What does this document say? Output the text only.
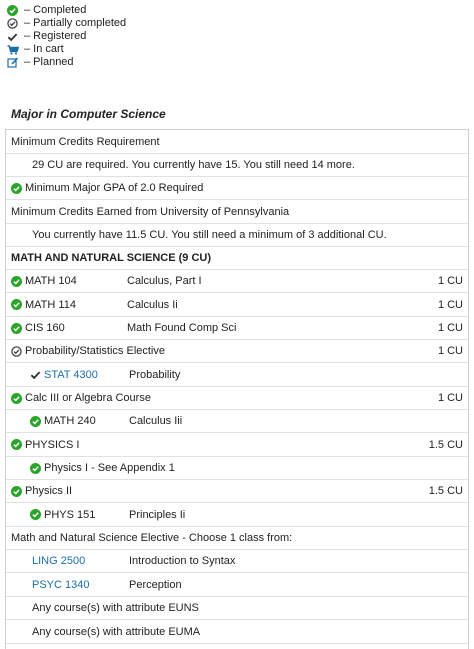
– Completed
– Partially completed
– Registered
– In cart
– Planned
Major in Computer Science
Minimum Credits Requirement
29 CU are required. You currently have 15. You still need 14 more.
Minimum Major GPA of 2.0 Required
Minimum Credits Earned from University of Pennsylvania
You currently have 11.5 CU. You still need a minimum of 3 additional CU.
MATH AND NATURAL SCIENCE (9 CU)
MATH 104	Calculus, Part I	1 CU
MATH 114	Calculus Ii	1 CU
CIS 160	Math Found Comp Sci	1 CU
Probability/Statistics Elective	1 CU
STAT 4300	Probability
Calc III or Algebra Course	1 CU
MATH 240	Calculus Iii
PHYSICS I	1.5 CU
Physics I - See Appendix 1
Physics II	1.5 CU
PHYS 151	Principles Ii
Math and Natural Science Elective - Choose 1 class from:
LING 2500	Introduction to Syntax
PSYC 1340	Perception
Any course(s) with attribute EUNS
Any course(s) with attribute EUMA
